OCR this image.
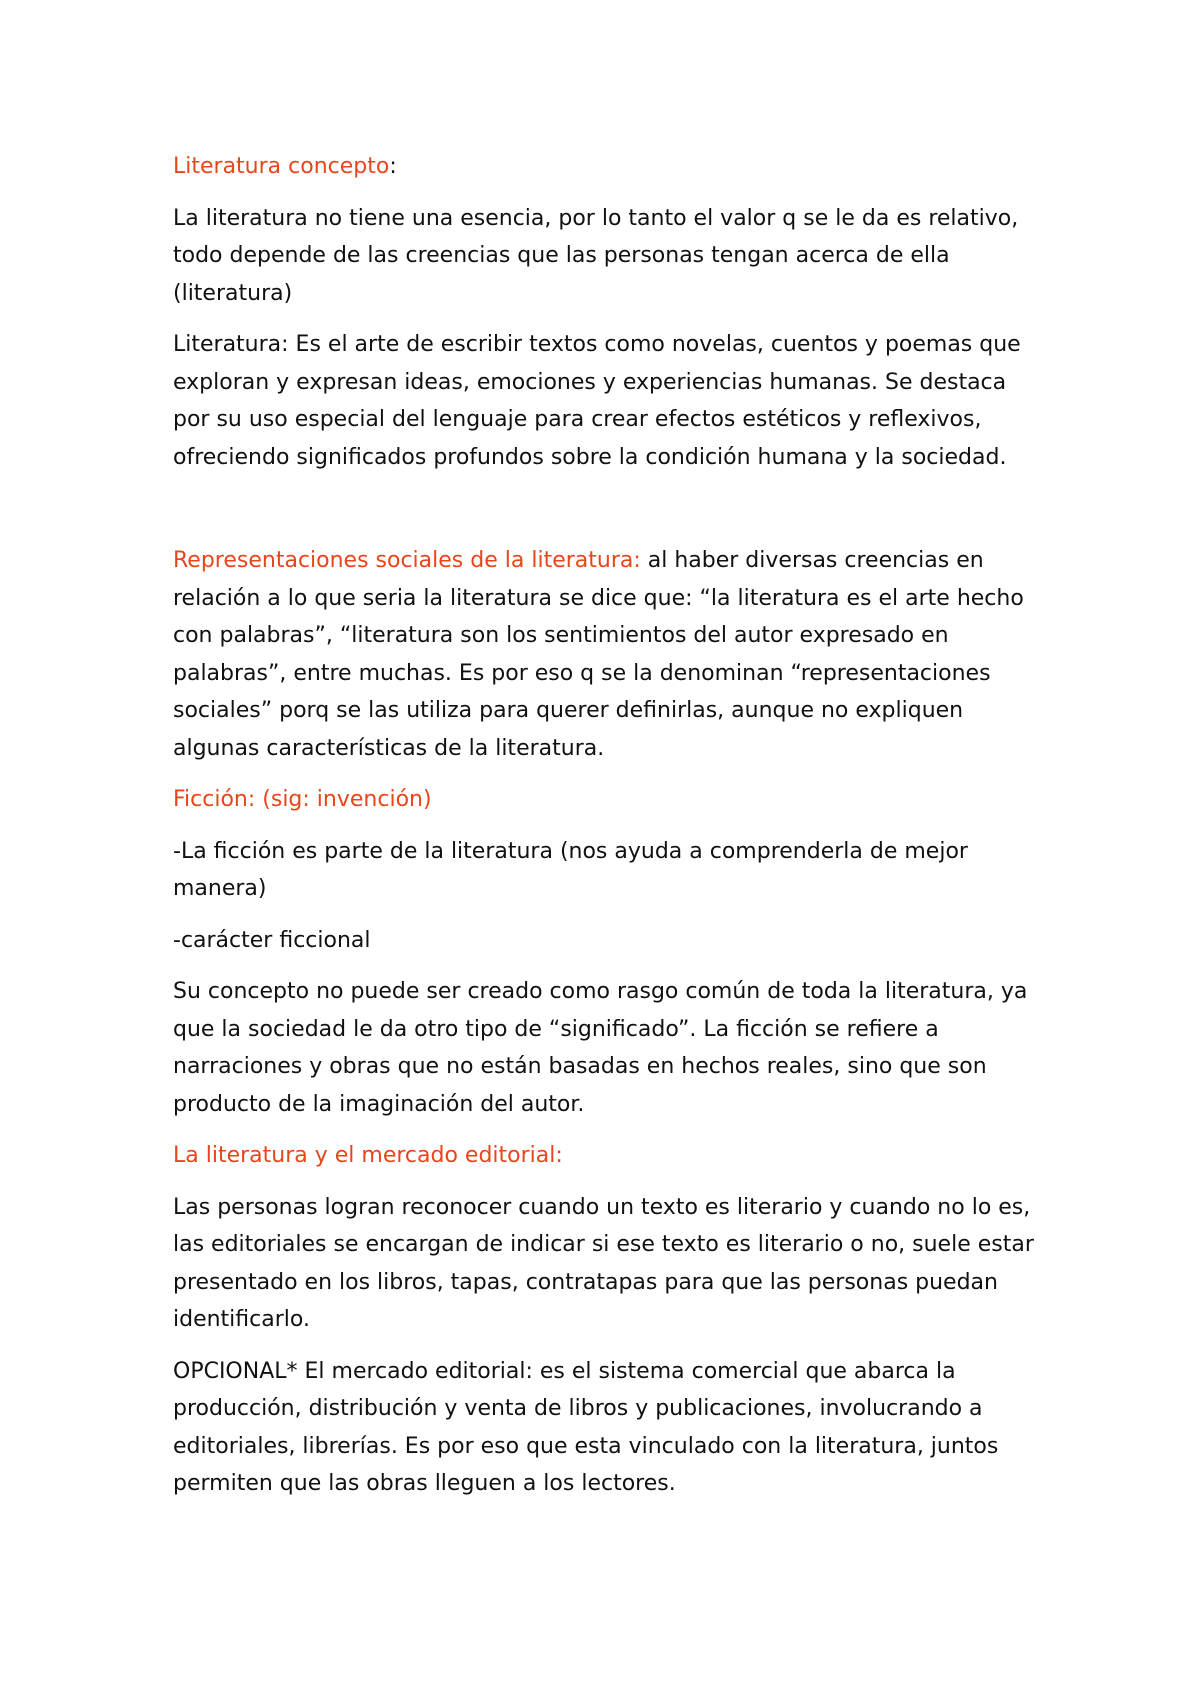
Literatura concepto:

La literatura no tiene una esencia, por lo tanto el valor q se le da es relativo, todo depende de las creencias que las personas tengan acerca de ella (literatura)

Literatura: Es el arte de escribir textos como novelas, cuentos y poemas que exploran y expresan ideas, emociones y experiencias humanas. Se destaca por su uso especial del lenguaje para crear efectos estéticos y reflexivos, ofreciendo significados profundos sobre la condición humana y la sociedad.

Representaciones sociales de la literatura: al haber diversas creencias en relación a lo que seria la literatura se dice que: “la literatura es el arte hecho con palabras”, “literatura son los sentimientos del autor expresado en palabras”, entre muchas. Es por eso q se la denominan “representaciones sociales” porq se las utiliza para querer definirlas, aunque no expliquen algunas características de la literatura.

Ficción: (sig: invención)

-La ficción es parte de la literatura (nos ayuda a comprenderla de mejor manera)

-carácter ficcional

Su concepto no puede ser creado como rasgo común de toda la literatura, ya que la sociedad le da otro tipo de “significado”. La ficción se refiere a narraciones y obras que no están basadas en hechos reales, sino que son producto de la imaginación del autor.

La literatura y el mercado editorial:

Las personas logran reconocer cuando un texto es literario y cuando no lo es, las editoriales se encargan de indicar si ese texto es literario o no, suele estar presentado en los libros, tapas, contratapas para que las personas puedan identificarlo.

OPCIONAL* El mercado editorial: es el sistema comercial que abarca la producción, distribución y venta de libros y publicaciones, involucrando a editoriales, librerías. Es por eso que esta vinculado con la literatura, juntos permiten que las obras lleguen a los lectores.
